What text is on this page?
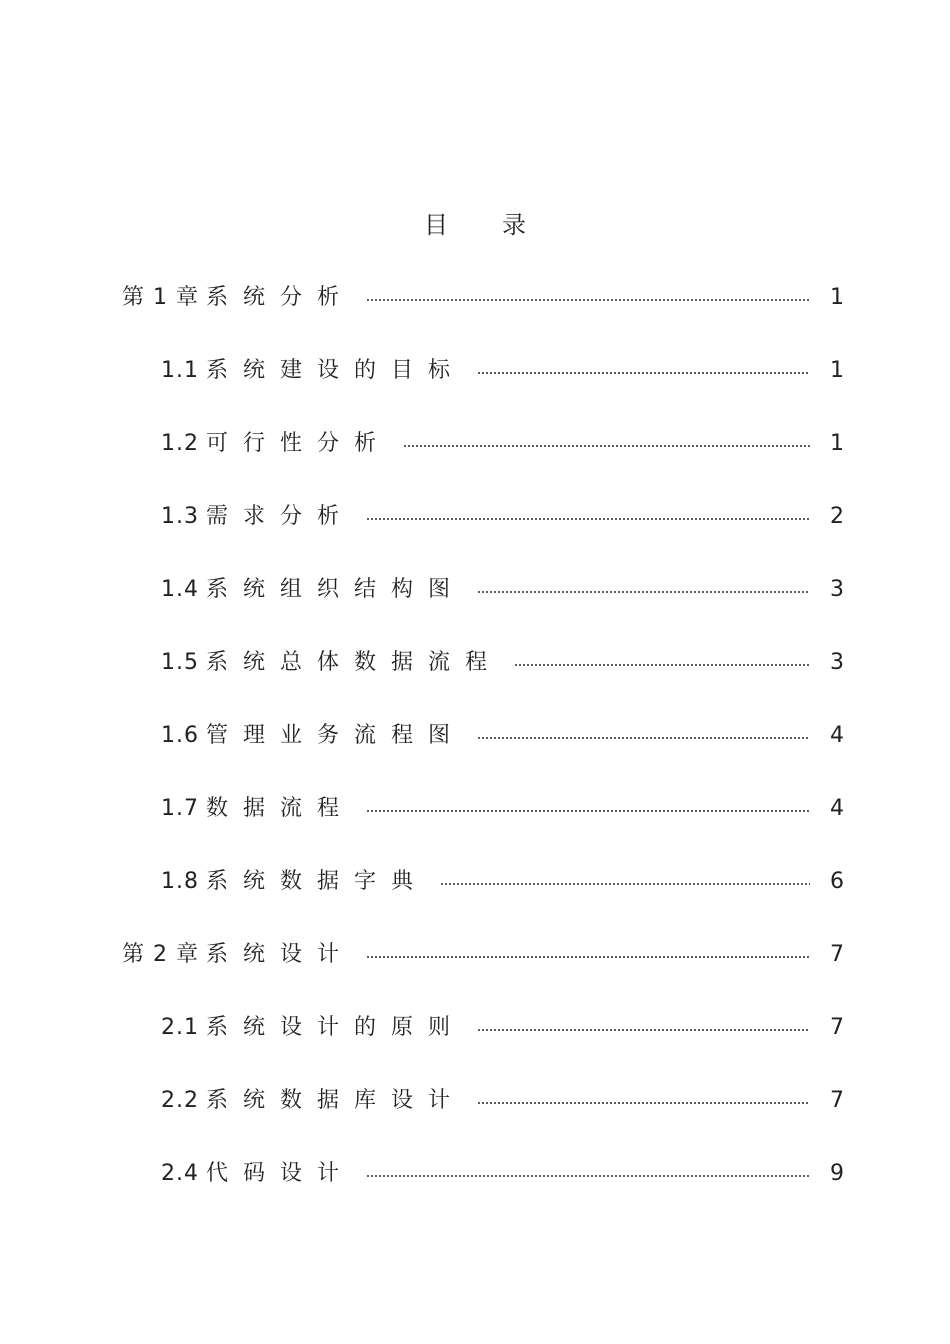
目录
第 1 章 系统分析	1
1.1 系统建设的目标	1
1.2 可行性分析	1
1.3 需求分析	2
1.4 系统组织结构图	3
1.5 系统总体数据流程	3
1.6 管理业务流程图	4
1.7 数据流程	4
1.8 系统数据字典	6
第 2 章 系统设计	7
2.1 系统设计的原则	7
2.2 系统数据库设计	7
2.4 代码设计	9
